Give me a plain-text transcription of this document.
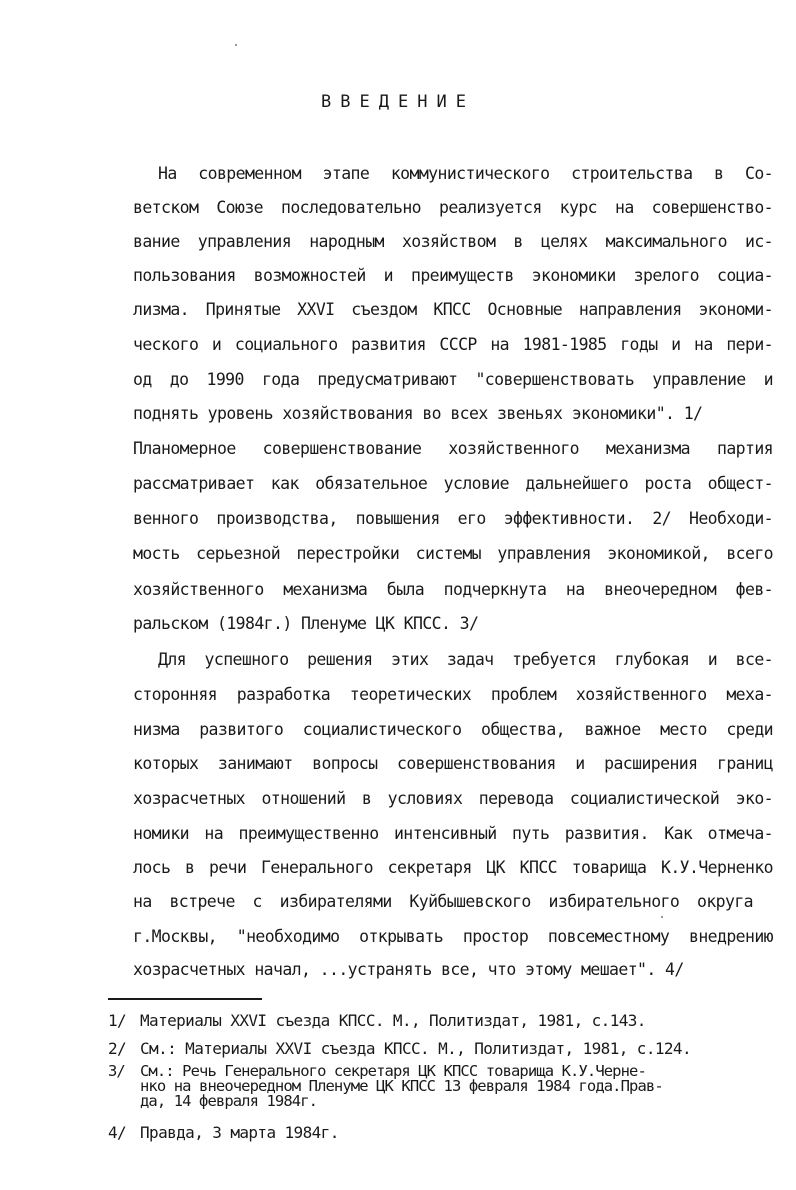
ВВЕДЕНИЕ
На современном этапе коммунистического строительства в Со-
ветском Союзе последовательно реализуется курс на совершенство-
вание управления народным хозяйством в целях максимального ис-
пользования возможностей и преимуществ экономики зрелого социа-
лизма. Принятые XXVI съездом КПСС Основные направления экономи-
ческого и социального развития СССР на 1981-1985 годы и на пери-
од до 1990 года предусматривают "совершенствовать управление и
поднять уровень хозяйствования во всех звеньях экономики". 1/
Планомерное совершенствование хозяйственного механизма партия
рассматривает как обязательное условие дальнейшего роста общест-
венного производства, повышения его эффективности. 2/ Необходи-
мость серьезной перестройки системы управления экономикой, всего
хозяйственного механизма была подчеркнута на внеочередном фев-
ральском (1984г.) Пленуме ЦК КПСС. 3/
Для успешного решения этих задач требуется глубокая и все-
сторонняя разработка теоретических проблем хозяйственного меха-
низма развитого социалистического общества, важное место среди
которых занимают вопросы совершенствования и расширения границ
хозрасчетных отношений в условиях перевода социалистической эко-
номики на преимущественно интенсивный путь развития. Как отмеча-
лось в речи Генерального секретаря ЦК КПСС товарища К.У.Черненко
на встрече с избирателями Куйбышевского избирательного округа
г.Москвы, "необходимо открывать простор повсеместному внедрению
хозрасчетных начал, ...устранять все, что этому мешает". 4/
1/ Материалы XXVI съезда КПСС. М., Политиздат, 1981, с.143.
2/ См.: Материалы XXVI съезда КПСС. М., Политиздат, 1981, с.124.
3/ См.: Речь Генерального секретаря ЦК КПСС товарища К.У.Черне-
нко на внеочередном Пленуме ЦК КПСС 13 февраля 1984 года.Прав-
да, 14 февраля 1984г.
4/ Правда, 3 марта 1984г.
